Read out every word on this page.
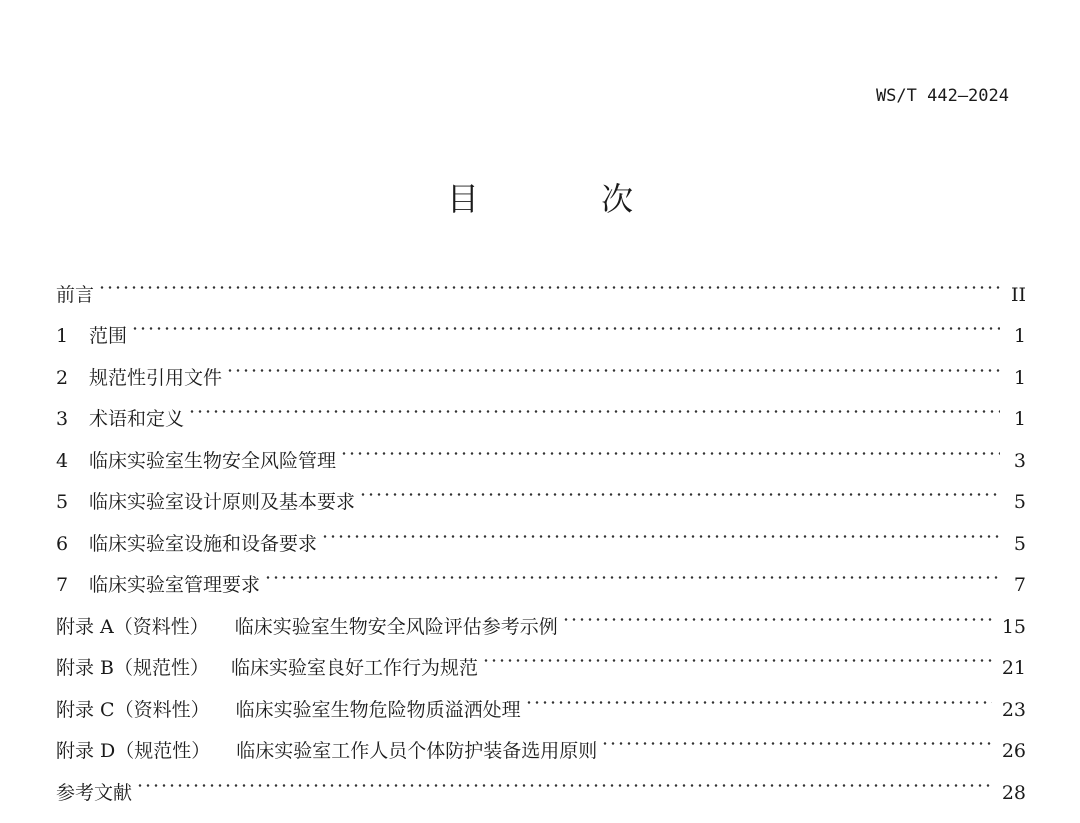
WS/T 442—2024
目 次
前言	II
1	范围	1
2	规范性引用文件	1
3	术语和定义	1
4	临床实验室生物安全风险管理	3
5	临床实验室设计原则及基本要求	5
6	临床实验室设施和设备要求	5
7	临床实验室管理要求	7
附录 A（资料性） 临床实验室生物安全风险评估参考示例	15
附录 B（规范性） 临床实验室良好工作行为规范	21
附录 C（资料性） 临床实验室生物危险物质溢洒处理	23
附录 D（规范性） 临床实验室工作人员个体防护装备选用原则	26
参考文献	28
